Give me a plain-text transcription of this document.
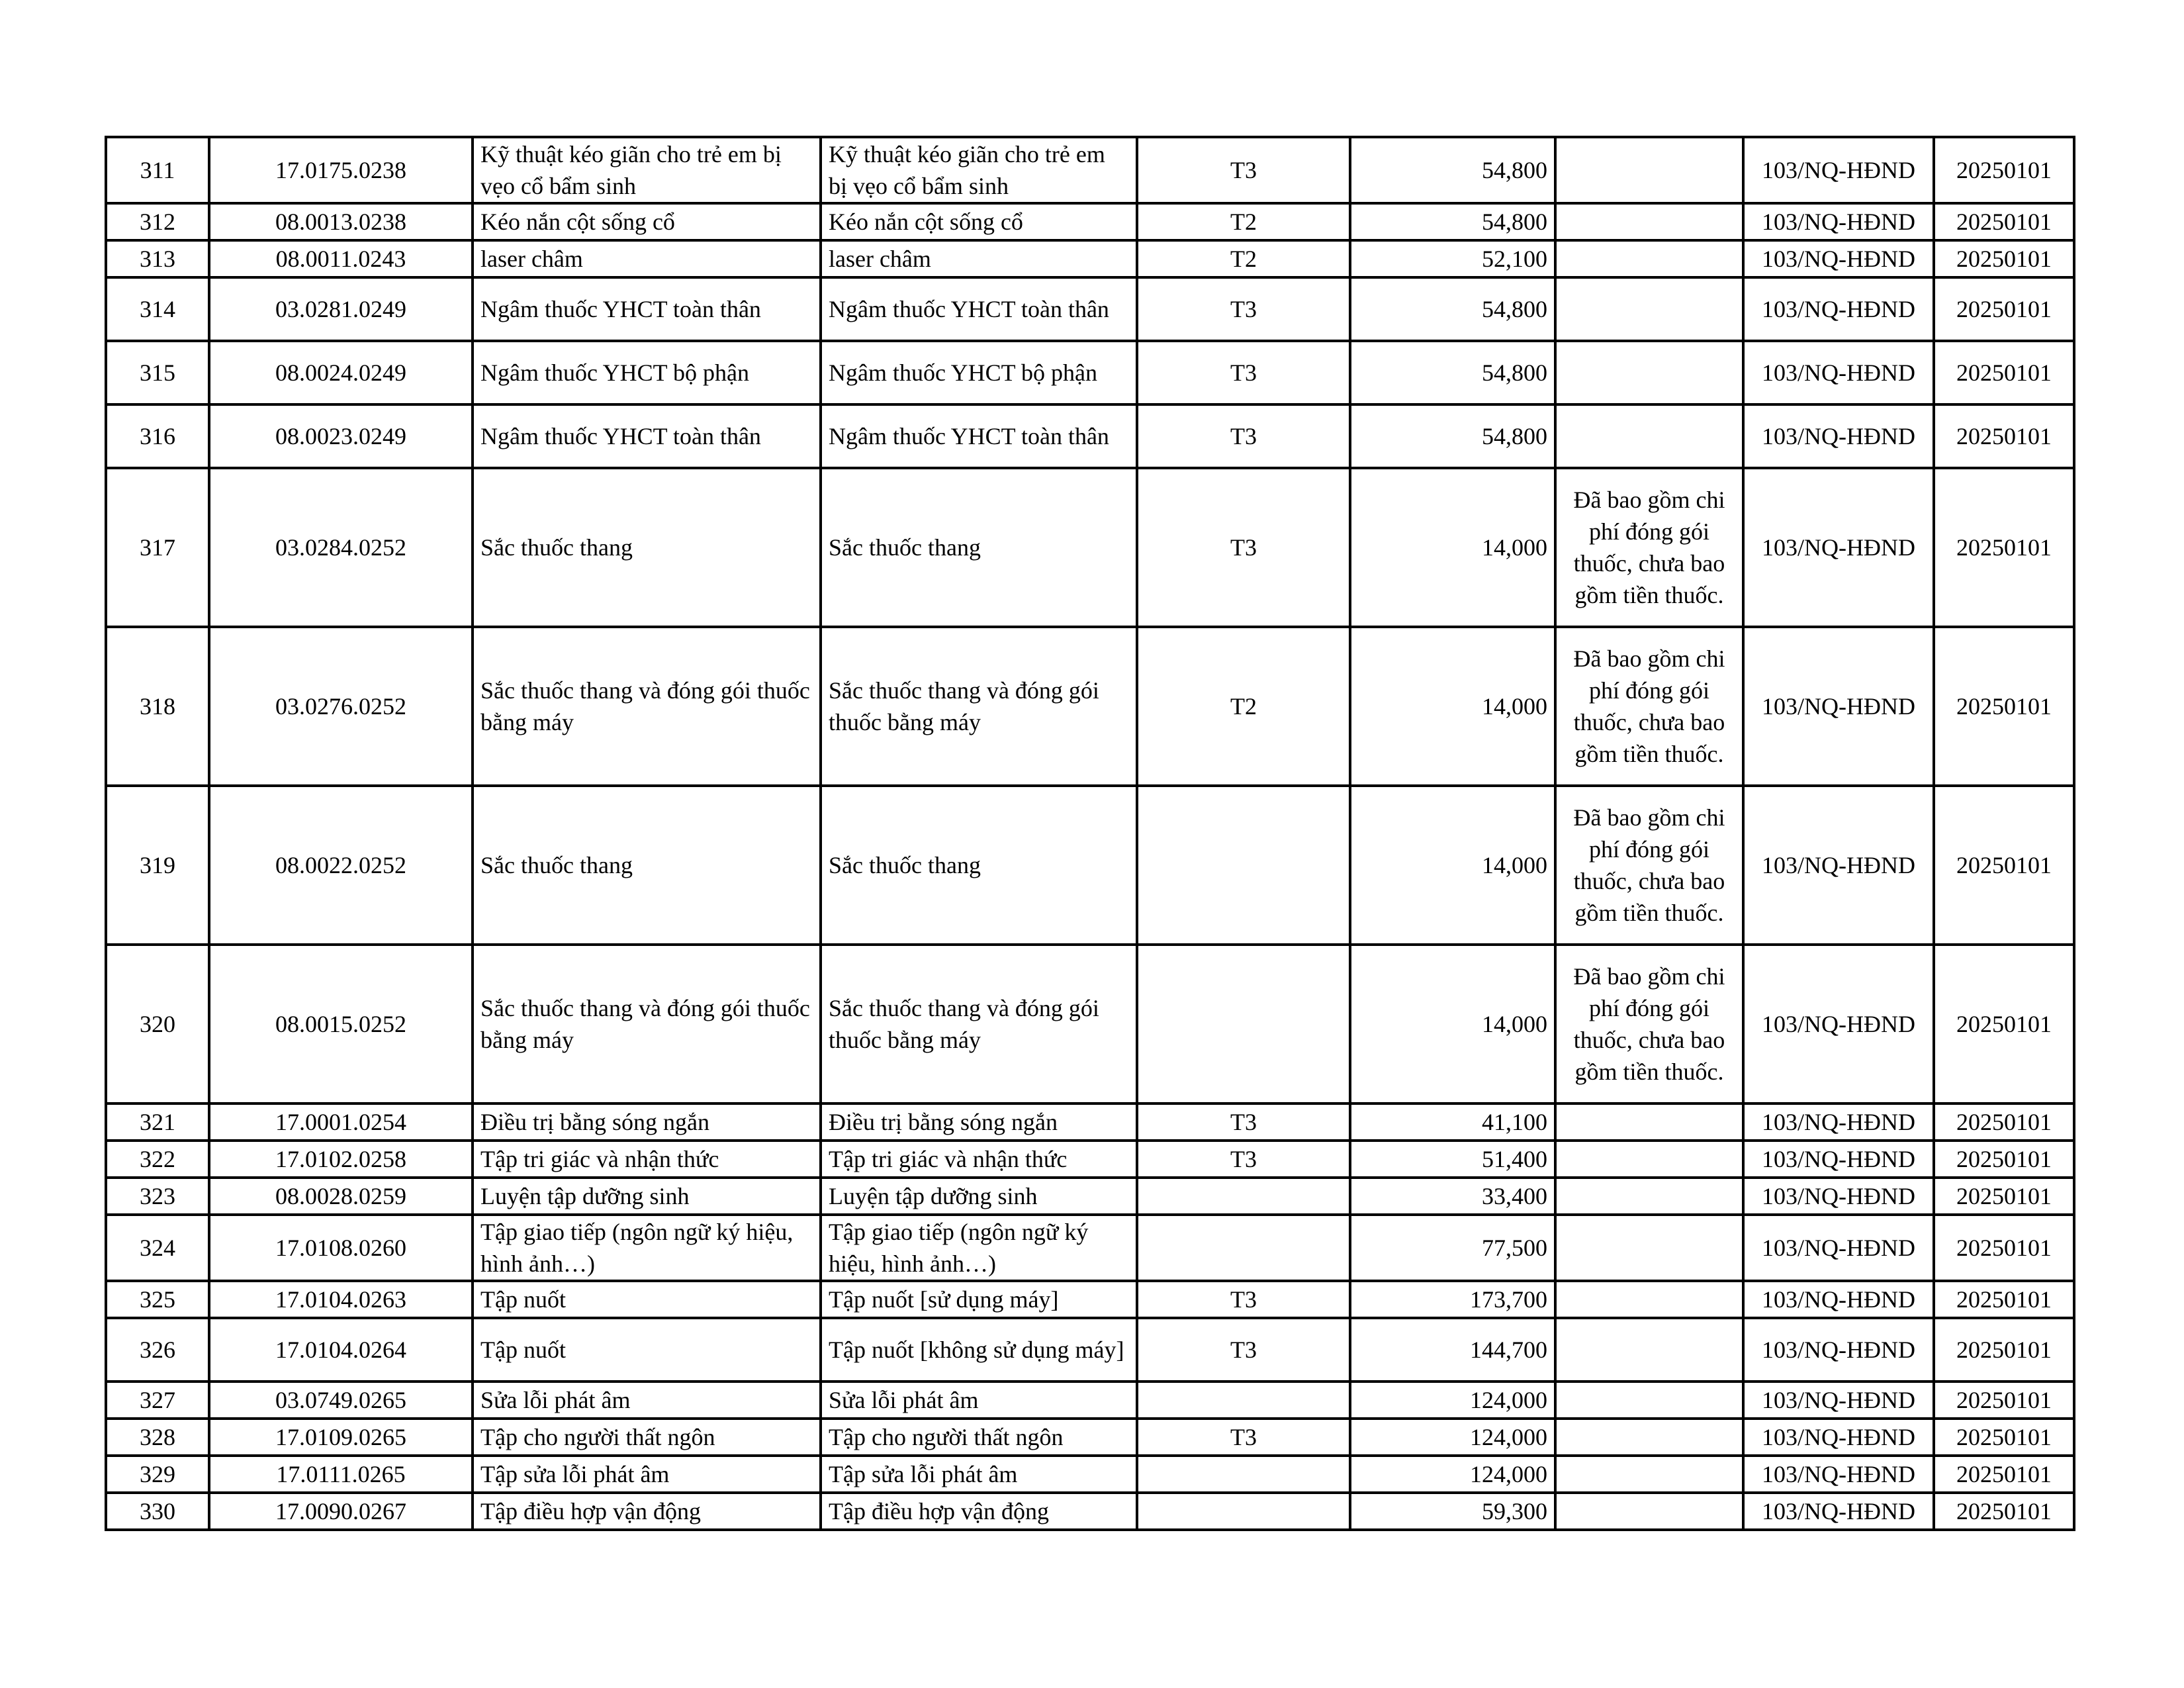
311	17.0175.0238	Kỹ thuật kéo giãn cho trẻ em bị vẹo cổ bẩm sinh	Kỹ thuật kéo giãn cho trẻ em bị vẹo cổ bẩm sinh	T3	54,800		103/NQ-HĐND	20250101
312	08.0013.0238	Kéo nắn cột sống cổ	Kéo nắn cột sống cổ	T2	54,800		103/NQ-HĐND	20250101
313	08.0011.0243	laser châm	laser châm	T2	52,100		103/NQ-HĐND	20250101
314	03.0281.0249	Ngâm thuốc YHCT toàn thân	Ngâm thuốc YHCT toàn thân	T3	54,800		103/NQ-HĐND	20250101
315	08.0024.0249	Ngâm thuốc YHCT bộ phận	Ngâm thuốc YHCT bộ phận	T3	54,800		103/NQ-HĐND	20250101
316	08.0023.0249	Ngâm thuốc YHCT toàn thân	Ngâm thuốc YHCT toàn thân	T3	54,800		103/NQ-HĐND	20250101
317	03.0284.0252	Sắc thuốc thang	Sắc thuốc thang	T3	14,000	Đã bao gồm chi phí đóng gói thuốc, chưa bao gồm tiền thuốc.	103/NQ-HĐND	20250101
318	03.0276.0252	Sắc thuốc thang và đóng gói thuốc bằng máy	Sắc thuốc thang và đóng gói thuốc bằng máy	T2	14,000	Đã bao gồm chi phí đóng gói thuốc, chưa bao gồm tiền thuốc.	103/NQ-HĐND	20250101
319	08.0022.0252	Sắc thuốc thang	Sắc thuốc thang		14,000	Đã bao gồm chi phí đóng gói thuốc, chưa bao gồm tiền thuốc.	103/NQ-HĐND	20250101
320	08.0015.0252	Sắc thuốc thang và đóng gói thuốc bằng máy	Sắc thuốc thang và đóng gói thuốc bằng máy		14,000	Đã bao gồm chi phí đóng gói thuốc, chưa bao gồm tiền thuốc.	103/NQ-HĐND	20250101
321	17.0001.0254	Điều trị bằng sóng ngắn	Điều trị bằng sóng ngắn	T3	41,100		103/NQ-HĐND	20250101
322	17.0102.0258	Tập tri giác và nhận thức	Tập tri giác và nhận thức	T3	51,400		103/NQ-HĐND	20250101
323	08.0028.0259	Luyện tập dưỡng sinh	Luyện tập dưỡng sinh		33,400		103/NQ-HĐND	20250101
324	17.0108.0260	Tập giao tiếp (ngôn ngữ ký hiệu, hình ảnh…)	Tập giao tiếp (ngôn ngữ ký hiệu, hình ảnh…)		77,500		103/NQ-HĐND	20250101
325	17.0104.0263	Tập nuốt	Tập nuốt [sử dụng máy]	T3	173,700		103/NQ-HĐND	20250101
326	17.0104.0264	Tập nuốt	Tập nuốt [không sử dụng máy]	T3	144,700		103/NQ-HĐND	20250101
327	03.0749.0265	Sửa lỗi phát âm	Sửa lỗi phát âm		124,000		103/NQ-HĐND	20250101
328	17.0109.0265	Tập cho người thất ngôn	Tập cho người thất ngôn	T3	124,000		103/NQ-HĐND	20250101
329	17.0111.0265	Tập sửa lỗi phát âm	Tập sửa lỗi phát âm		124,000		103/NQ-HĐND	20250101
330	17.0090.0267	Tập điều hợp vận động	Tập điều hợp vận động		59,300		103/NQ-HĐND	20250101
